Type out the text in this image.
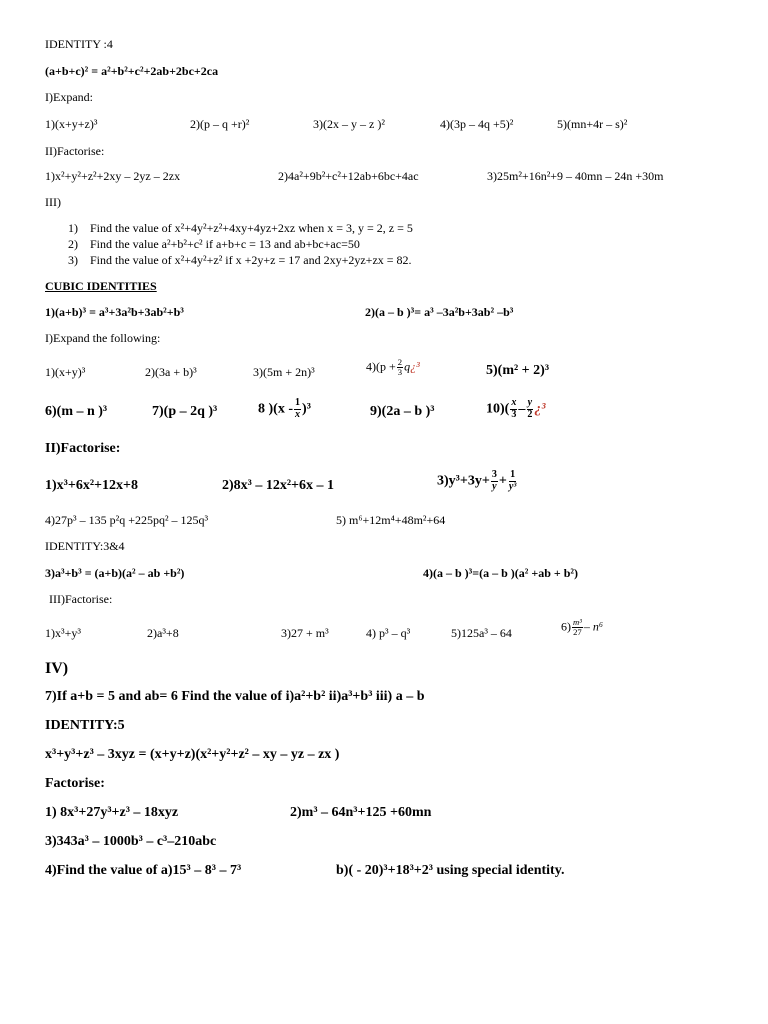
IDENTITY :4
(a+b+c)² = a²+b²+c²+2ab+2bc+2ca
I)Expand:
1)(x+y+z)³	2)(p – q +r)²	3)(2x – y – z )²	4)(3p – 4q +5)²	5)(mn+4r – s)²
II)Factorise:
1)x²+y²+z²+2xy – 2yz – 2zx	2)4a²+9b²+c²+12ab+6bc+4ac	3)25m²+16n²+9 – 40mn – 24n +30m
III)
1) Find the value of x²+4y²+z²+4xy+4yz+2xz when x = 3, y = 2, z = 5
2) Find the value a²+b²+c² if a+b+c = 13 and ab+bc+ac=50
3) Find the value of x²+4y²+z² if x +2y+z = 17 and 2xy+2yz+zx = 82.
CUBIC IDENTITIES
1)(a+b)³ = a³+3a²b+3ab²+b³	2)(a – b )³= a³ –3a²b+3ab² –b³
I)Expand the following:
1)(x+y)³	2)(3a + b)³	3)(5m + 2n)³	$4)(p + \frac{2}{3}$ q¿³	5)(m² + 2)³
6)(m – n )³	7)(p – 2q )³	8 )$(x - \frac{1}{x} )^3$	9)(2a – b )³	$10)( \frac{x}{3} - \frac{y}{2}$ ¿³
II)Factorise:
1)x³+6x²+12x+8	2)8x³ – 12x²+6x – 1	$3)y^3+3y+ \frac{3}{y} + \frac{1}{\text{y³}}$
4)27p³ – 135 p²q +225pq² – 125q³	5) m⁶+12m⁴+48m²+64
IDENTITY:3&4
3)a³+b³ = (a+b)(a² – ab +b²)	4)(a – b )³=(a – b )(a² +ab + b²)
III)Factorise:
1)x³+y³	2)a³+8	3)27 + m³	4) p³ – q³	5)125a³ – 64	$6) \frac{\text{m³}}{27} - n^6$
IV)
7)If a+b = 5 and ab= 6 Find the value of i)a²+b² ii)a³+b³ iii) a – b
IDENTITY:5
x³+y³+z³ – 3xyz = (x+y+z)(x²+y²+z² – xy – yz – zx )
Factorise:
1) 8x³+27y³+z³ – 18xyz	2)m³ – 64n³+125 +60mn
3)343a³ – 1000b³ – c³–210abc
4)Find the value of a)15³ – 8³ – 7³	b)( - 20)³+18³+2³ using special identity.
